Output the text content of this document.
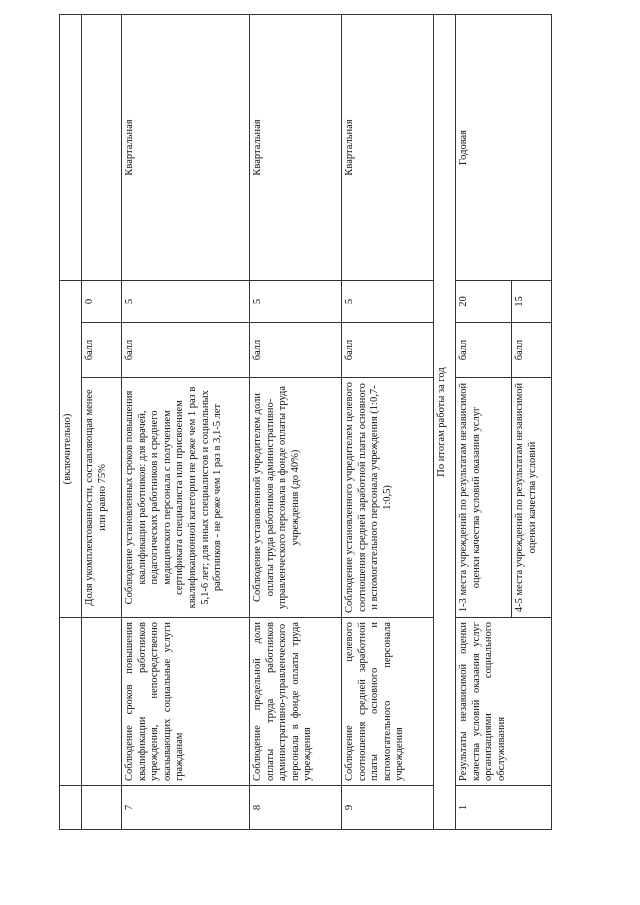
		(включительно)			
		Доля укомплектованности, составляющая менее или равно 75%	балл	0	
7	Соблюдение сроков повышения квалификации работников учреждения, непосредственно оказывающих социальные услуги гражданам	Соблюдение установленных сроков повышения квалификации работников: для врачей, педагогических работников и среднего медицинского персонала с получением сертификата специалиста или присвоением квалификационной категории не реже чем 1 раз в 5,1-6 лет; для иных специалистов и социальных работников - не реже чем 1 раз в 3,1-5 лет	балл	5	Квартальная
8	Соблюдение предельной доли оплаты труда работников административно-управленческого персонала в фонде оплаты труда учреждения	Соблюдение установленной учредителем доли оплаты труда работников административно-управленческого персонала в фонде оплаты труда учреждения (до 40%)	балл	5	Квартальная
9	Соблюдение целевого соотношения средней заработной платы основного и вспомогательного персонала учреждения	Соблюдение установленного учредителем целевого соотношения средней заработной платы основного и вспомогательного персонала учреждения (1:0,7-1:0,5)	балл	5	Квартальная
По итогам работы за год					
1	Результаты независимой оценки качества условий оказания услуг организациями социального обслуживания	1-3 места учреждений по результатам независимой оценки качества условий оказания услуг	балл	20	Годовая
		4-5 места учреждений по результатам независимой оценки качества условий	балл	15	
